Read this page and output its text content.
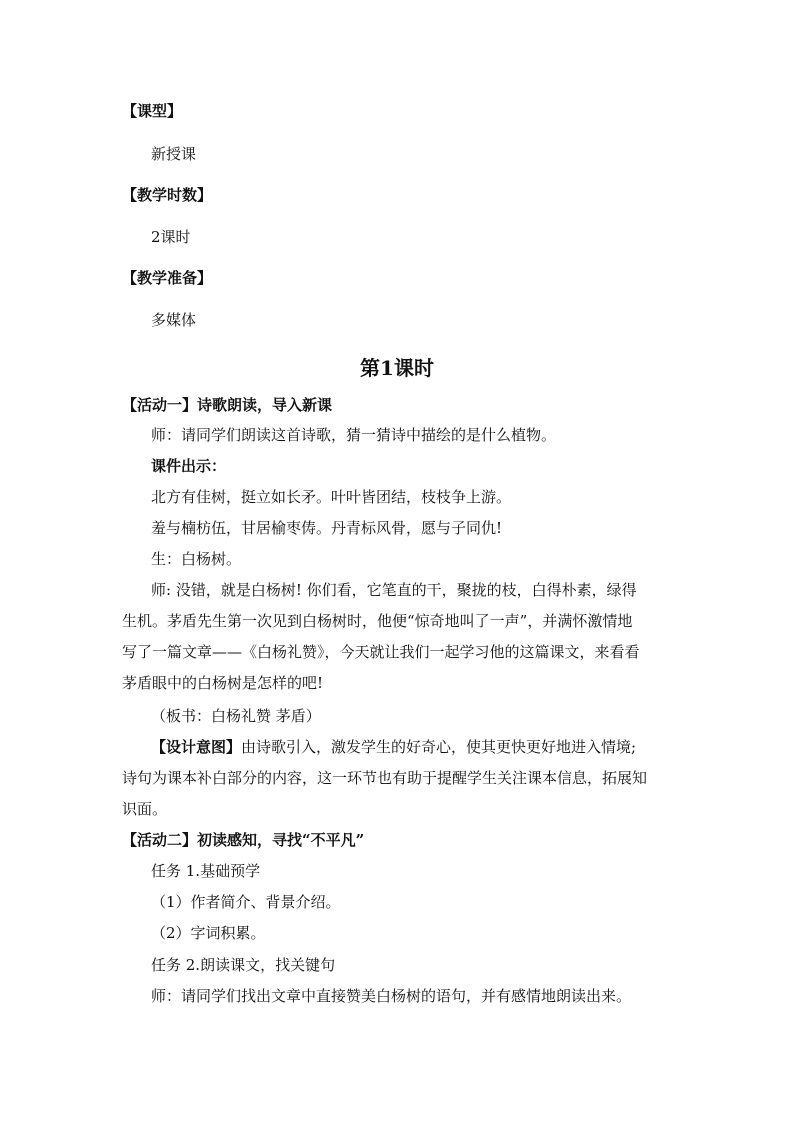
【课型】
新授课
【教学时数】
2课时
【教学准备】
多媒体
第1课时
【活动一】诗歌朗读，导入新课
师：请同学们朗读这首诗歌，猜一猜诗中描绘的是什么植物。
课件出示：
北方有佳树，挺立如长矛。叶叶皆团结，枝枝争上游。
羞与楠枋伍，甘居榆枣俦。丹青标风骨，愿与子同仇!
生：白杨树。
师: 没错，就是白杨树! 你们看，它笔直的干，聚拢的枝，白得朴素，绿得
生机。茅盾先生第一次见到白杨树时，他便“惊奇地叫了一声”，并满怀激情地
写了一篇文章——《白杨礼赞》，今天就让我们一起学习他的这篇课文，来看看
茅盾眼中的白杨树是怎样的吧!
（板书：白杨礼赞 茅盾）
【设计意图】由诗歌引入，激发学生的好奇心，使其更快更好地进入情境;
诗句为课本补白部分的内容，这一环节也有助于提醒学生关注课本信息，拓展知
识面。
【活动二】初读感知，寻找“不平凡”
任务 1.基础预学
（1）作者简介、背景介绍。
（2）字词积累。
任务 2.朗读课文，找关键句
师：请同学们找出文章中直接赞美白杨树的语句，并有感情地朗读出来。
